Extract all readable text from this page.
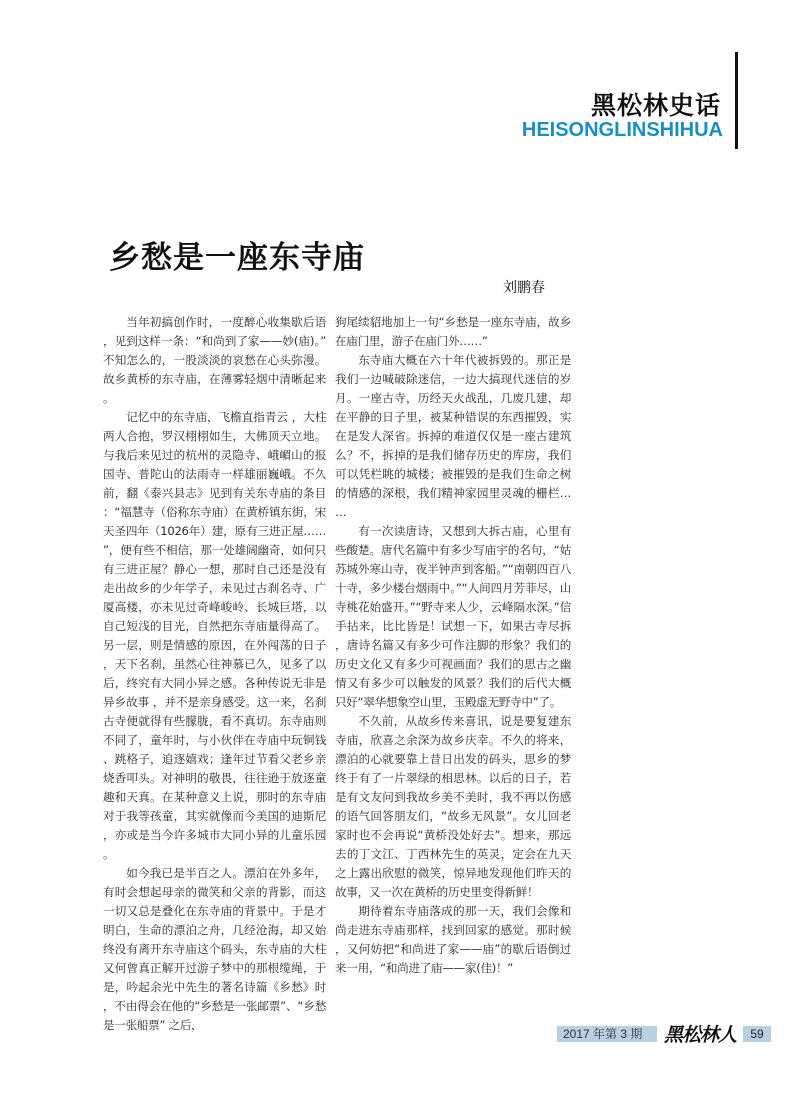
黑松林史话
HEISONGLINSHIHUA
乡愁是一座东寺庙
刘鹏春

当年初搞创作时，一度醉心收集歇后语，见到这样一条：“和尚到了家——妙(庙)。”不知怎么的，一股淡淡的哀愁在心头弥漫。故乡黄桥的东寺庙，在薄雾轻烟中清晰起来。

记忆中的东寺庙，飞檐直指青云 ，大柱两人合抱，罗汉栩栩如生，大佛顶天立地。与我后来见过的杭州的灵隐寺、峨嵋山的报国寺、普陀山的法雨寺一样雄丽巍峨。不久前，翻《泰兴县志》见到有关东寺庙的条目：“福慧寺（俗称东寺庙）在黄桥镇东街，宋天圣四年（1026年）建，原有三进正屋……”，便有些不相信，那一处雄阔幽奇，如何只有三进正屋？静心一想，那时自己还是没有走出故乡的少年学子，未见过古刹名寺、广厦高楼，亦未见过奇峰峻岭、长城巨塔，以自己短浅的目光，自然把东寺庙量得高了。另一层，则是情感的原因，在外闯荡的日子，天下名刹，虽然心往神慕已久，见多了以后，终究有大同小异之感。各种传说无非是异乡故事 ，并不是亲身感受。这一来，名刹古寺便就得有些朦胧，看不真切。东寺庙则不同了，童年时，与小伙伴在寺庙中玩铜钱、跳格子，追逐嬉戏；逢年过节看父老乡亲烧香叩头。对神明的敬畏，往往逊于放逐童趣和天真。在某种意义上说，那时的东寺庙对于我等孩童，其实就像而今美国的迪斯尼，亦或是当今许多城市大同小异的儿童乐园。

如今我已是半百之人。漂泊在外多年，有时会想起母亲的微笑和父亲的背影，而这一切又总是叠化在东寺庙的背景中。于是才明白，生命的漂泊之舟，几经沧海，却又始终没有离开东寺庙这个码头，东寺庙的大柱又何曾真正解开过游子梦中的那根缆绳，于是，吟起余光中先生的著名诗篇《乡愁》时，不由得会在他的“乡愁是一张邮票”、“乡愁是一张船票” 之后，

狗尾续貂地加上一句“乡愁是一座东寺庙，故乡在庙门里，游子在庙门外……”

东寺庙大概在六十年代被拆毁的。那正是我们一边喊破除迷信，一边大搞现代迷信的岁月。一座古寺，历经天火战乱，几废几建，却在平静的日子里，被某种错误的东西摧毁，实在是发人深省。拆掉的难道仅仅是一座古建筑么？不，拆掉的是我们储存历史的库房，我们可以凭栏眺的城楼；被摧毁的是我们生命之树的情感的深根，我们精神家园里灵魂的栅栏……

有一次读唐诗，又想到大拆古庙，心里有些酸楚。唐代名篇中有多少写庙宇的名句，“姑苏城外寒山寺，夜半钟声到客船。”“南朝四百八十寺，多少楼台烟雨中。”“人间四月芳菲尽，山寺桃花始盛开。”“野寺来人少，云峰隔水深。”信手拈来，比比皆是！试想一下，如果古寺尽拆，唐诗名篇又有多少可作注脚的形象？我们的历史文化又有多少可视画面？我们的思古之幽情又有多少可以触发的风景？我们的后代大概只好“翠华想象空山里，玉殿虚无野寺中”了。

不久前，从故乡传来喜讯，说是要复建东寺庙，欣喜之余深为故乡庆幸。不久的将来，漂泊的心就要靠上昔日出发的码头，思乡的梦终于有了一片翠绿的相思林。以后的日子，若是有文友问到我故乡美不美时，我不再以伤感的语气回答朋友们，“故乡无风景”。女儿回老家时也不会再说“黄桥没处好去”。想来，那远去的丁文江、丁西林先生的英灵，定会在九天之上露出欣慰的微笑，惊异地发现他们昨天的故事，又一次在黄桥的历史里变得新鲜！

期待着东寺庙落成的那一天，我们会像和尚走进东寺庙那样，找到回家的感觉。那时候，又何妨把“和尚进了家——庙”的歇后语倒过来一用，“和尚进了庙——家(佳)！”

2017 年第 3 期	黑松林人	59
